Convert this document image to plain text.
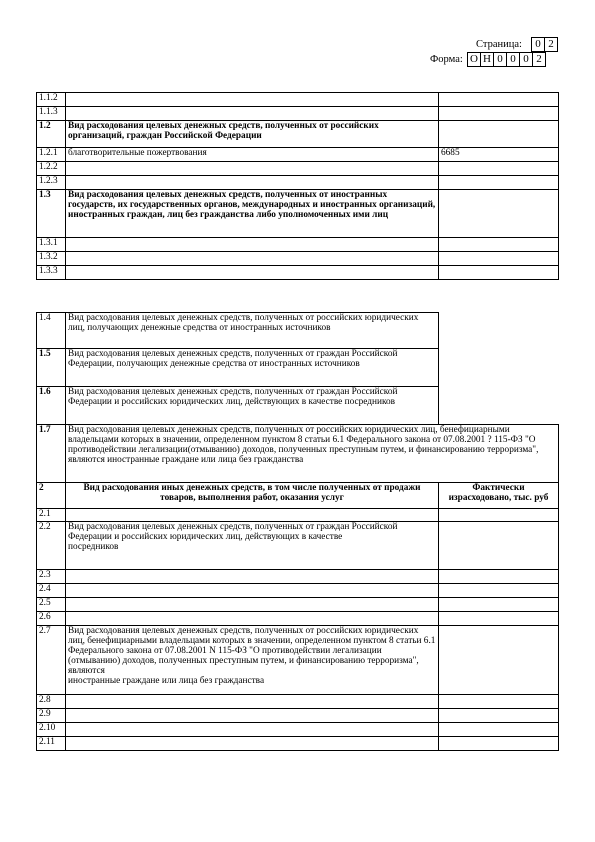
Страница:	0 2
Форма: О Н 0 0 0 2
1.1.2		
1.1.3		
1.2	Вид расходования целевых денежных средств, полученных от российских организаций, граждан Российской Федерации	
1.2.1	благотворительные пожертвования	6685
1.2.2		
1.2.3		
1.3	Вид расходования целевых денежных средств, полученных от иностранных государств, их государственных органов, международных и иностранных организаций, иностранных граждан, лиц без гражданства либо уполномоченных ими лиц	
1.3.1		
1.3.2		
1.3.3		
1.4	Вид расходования целевых денежных средств, полученных от российских юридических лиц, получающих денежные средства от иностранных источников	
1.5	Вид расходования целевых денежных средств, полученных от граждан Российской Федерации, получающих денежные средства от иностранных источников	
1.6	Вид расходования целевых денежных средств, полученных от граждан Российской Федерации и российских юридических лиц, действующих в качестве посредников	
1.7	Вид расходования целевых денежных средств, полученных от российских юридических лиц, бенефициарными владельцами которых в значении, определенном пунктом 8 статьи 6.1 Федерального закона от 07.08.2001 ? 115-ФЗ "О противодействии легализации(отмыванию) доходов, полученных преступным путем, и финансированию терроризма", являются иностранные граждане или лица без гражданства	
2	Вид расходования иных денежных средств, в том числе полученных от продажи товаров, выполнения работ, оказания услуг	Фактически израсходовано, тыс. руб
2.1		
2.2	Вид расходования целевых денежных средств, полученных от граждан Российской Федерации и российских юридических лиц, действующих в качестве
посредников	
2.3		
2.4		
2.5		
2.6		
2.7	Вид расходования целевых денежных средств, полученных от российских юридических лиц, бенефициарными владельцами которых в значении, определенном пунктом 8 статьи 6.1 Федерального закона от 07.08.2001 N 115-ФЗ "О противодействии легализации (отмыванию) доходов, полученных преступным путем, и финансированию терроризма", являются
иностранные граждане или лица без гражданства	
2.8		
2.9		
2.10		
2.11		
